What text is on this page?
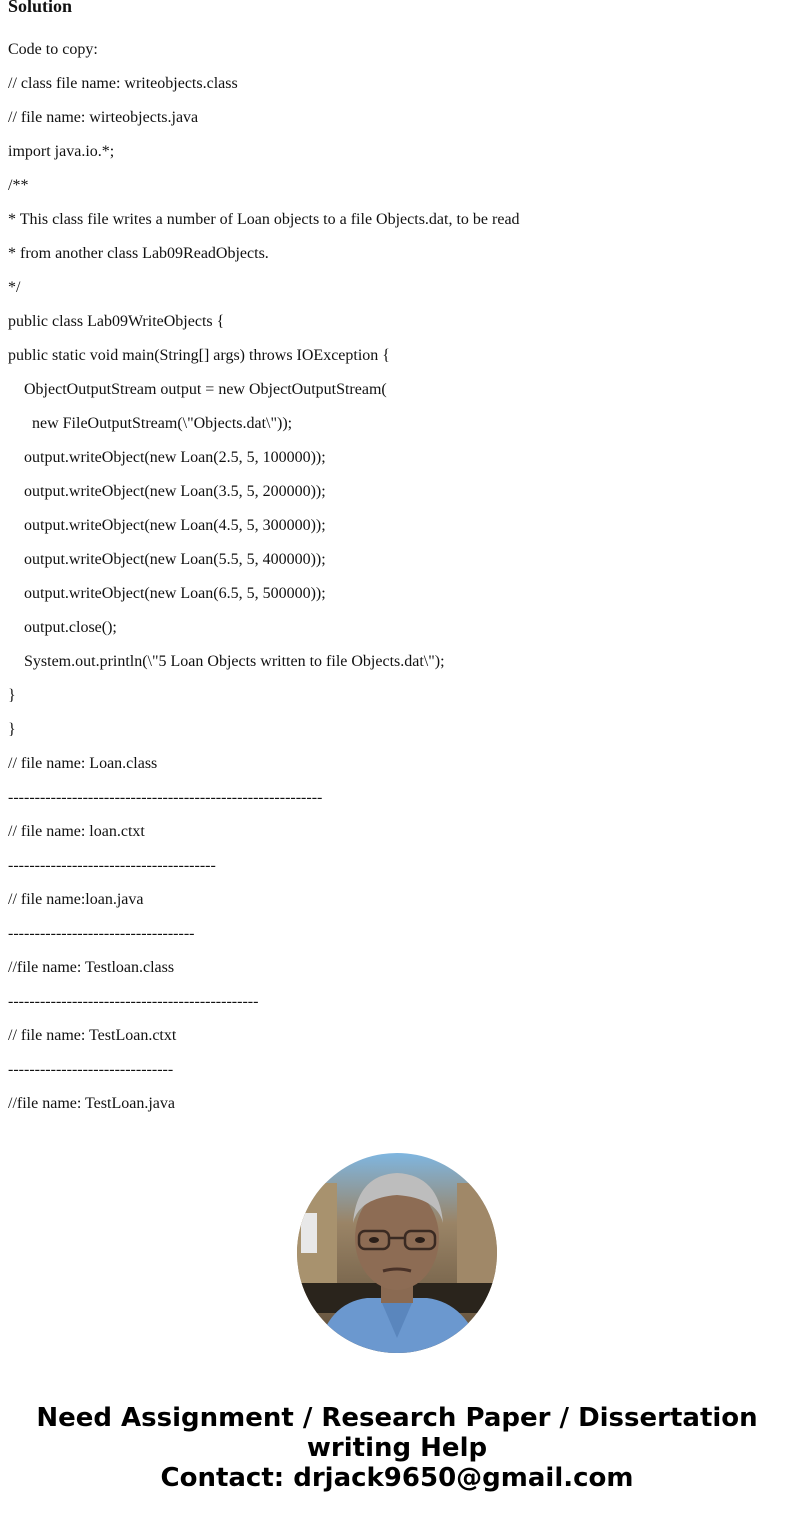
Solution
Code to copy:
// class file name: writeobjects.class
// file name: wirteobjects.java
import java.io.*;
/**
* This class file writes a number of Loan objects to a file Objects.dat, to be read
* from another class Lab09ReadObjects.
*/
public class Lab09WriteObjects {
public static void main(String[] args) throws IOException {
ObjectOutputStream output = new ObjectOutputStream(
new FileOutputStream(\"Objects.dat\"));
output.writeObject(new Loan(2.5, 5, 100000));
output.writeObject(new Loan(3.5, 5, 200000));
output.writeObject(new Loan(4.5, 5, 300000));
output.writeObject(new Loan(5.5, 5, 400000));
output.writeObject(new Loan(6.5, 5, 500000));
output.close();
System.out.println(\"5 Loan Objects written to file Objects.dat\");
}
}
// file name: Loan.class
-----------------------------------------------------------
// file name: loan.ctxt
---------------------------------------
// file name:loan.java
-----------------------------------
//file name: Testloan.class
-----------------------------------------------
// file name: TestLoan.ctxt
-------------------------------
//file name: TestLoan.java
Need Assignment / Research Paper / Dissertation
writing Help
Contact: drjack9650@gmail.com
